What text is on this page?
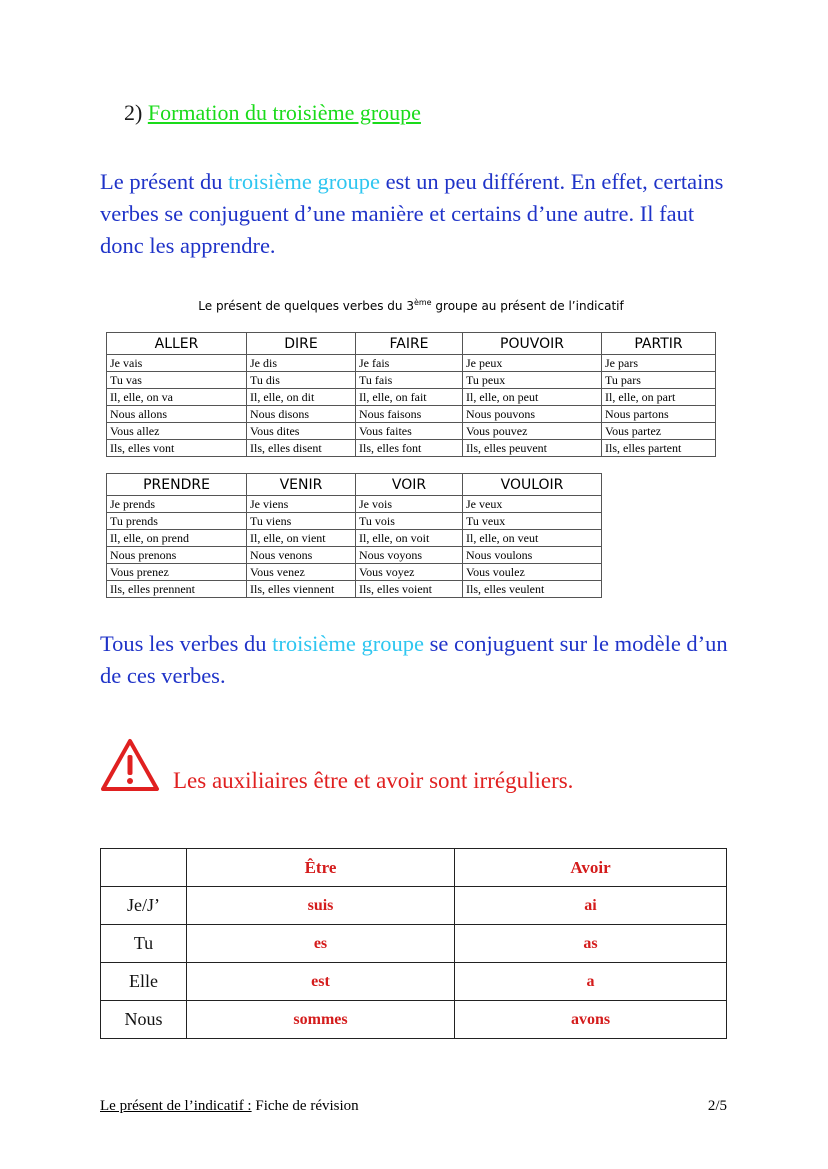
2) Formation du troisième groupe
Le présent du troisième groupe est un peu différent. En effet, certains verbes se conjuguent d’une manière et certains d’une autre. Il faut donc les apprendre.
Le présent de quelques verbes du 3ème groupe au présent de l’indicatif
ALLER	DIRE	FAIRE	POUVOIR	PARTIR
Je vais	Je dis	Je fais	Je peux	Je pars
Tu vas	Tu dis	Tu fais	Tu peux	Tu pars
Il, elle, on va	Il, elle, on dit	Il, elle, on fait	Il, elle, on peut	Il, elle, on part
Nous allons	Nous disons	Nous faisons	Nous pouvons	Nous partons
Vous allez	Vous dites	Vous faites	Vous pouvez	Vous partez
Ils, elles vont	Ils, elles disent	Ils, elles font	Ils, elles peuvent	Ils, elles partent
PRENDRE	VENIR	VOIR	VOULOIR
Je prends	Je viens	Je vois	Je veux
Tu prends	Tu viens	Tu vois	Tu veux
Il, elle, on prend	Il, elle, on vient	Il, elle, on voit	Il, elle, on veut
Nous prenons	Nous venons	Nous voyons	Nous voulons
Vous prenez	Vous venez	Vous voyez	Vous voulez
Ils, elles prennent	Ils, elles viennent	Ils, elles voient	Ils, elles veulent
Tous les verbes du troisième groupe se conjuguent sur le modèle d’un de ces verbes.
Les auxiliaires être et avoir sont irréguliers.
	Être	Avoir
Je/J’	suis	ai
Tu	es	as
Elle	est	a
Nous	sommes	avons
Le présent de l’indicatif : Fiche de révision	2/5
